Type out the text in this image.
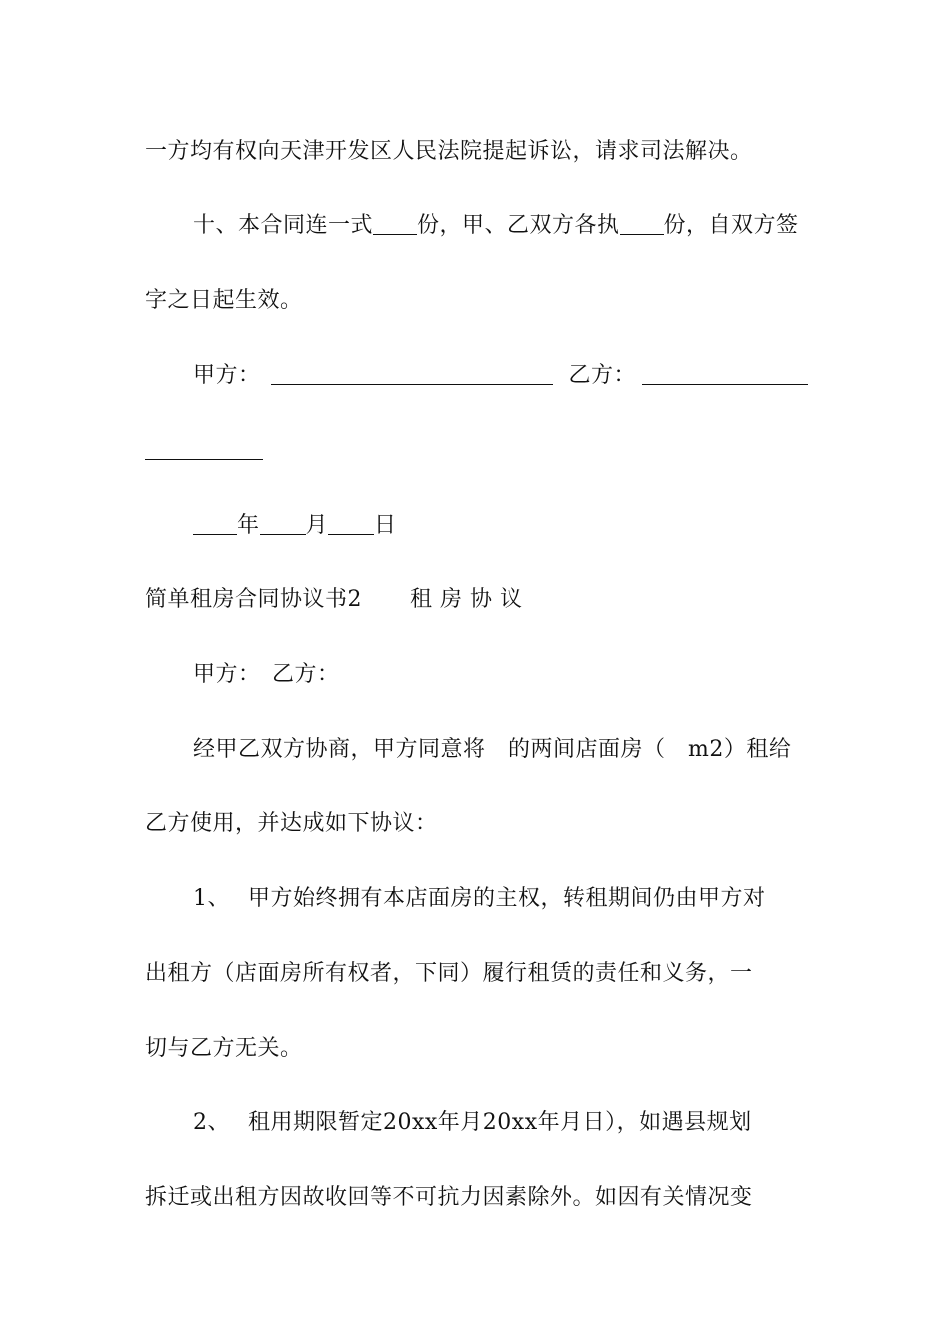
一方均有权向天津开发区人民法院提起诉讼，请求司法解决。
十、本合同连一式 份，甲、乙双方各执 份，自双方签
字之日起生效。
甲方：	乙方：
年 月 日
简单租房合同协议书2 租 房 协 议
甲方：　乙方：
经甲乙双方协商，甲方同意将　的两间店面房（　m2）租给
乙方使用，并达成如下协议：
1、 甲方始终拥有本店面房的主权，转租期间仍由甲方对
出租方（店面房所有权者，下同）履行租赁的责任和义务，一
切与乙方无关。
2、 租用期限暂定20xx年月20xx年月日），如遇县规划
拆迁或出租方因故收回等不可抗力因素除外。如因有关情况变
